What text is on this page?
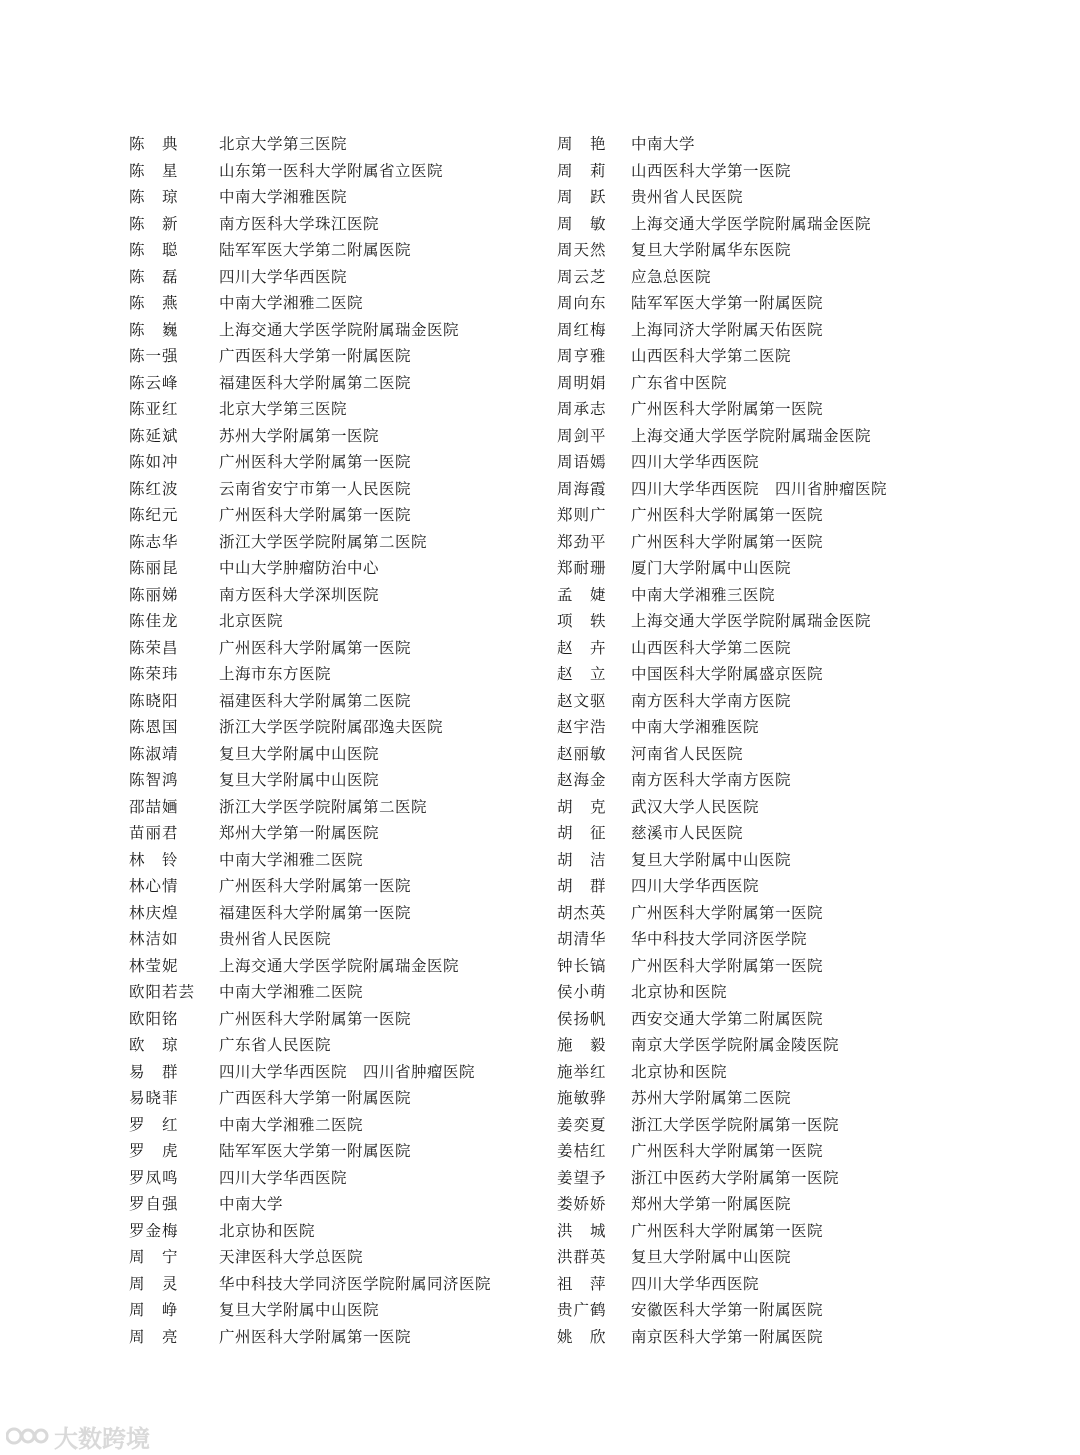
陈　典	北京大学第三医院
陈　星	山东第一医科大学附属省立医院
陈　琼	中南大学湘雅医院
陈　新	南方医科大学珠江医院
陈　聪	陆军军医大学第二附属医院
陈　磊	四川大学华西医院
陈　燕	中南大学湘雅二医院
陈　巍	上海交通大学医学院附属瑞金医院
陈一强	广西医科大学第一附属医院
陈云峰	福建医科大学附属第二医院
陈亚红	北京大学第三医院
陈延斌	苏州大学附属第一医院
陈如冲	广州医科大学附属第一医院
陈红波	云南省安宁市第一人民医院
陈纪元	广州医科大学附属第一医院
陈志华	浙江大学医学院附属第二医院
陈丽昆	中山大学肿瘤防治中心
陈丽娣	南方医科大学深圳医院
陈佳龙	北京医院
陈荣昌	广州医科大学附属第一医院
陈荣玮	上海市东方医院
陈晓阳	福建医科大学附属第二医院
陈恩国	浙江大学医学院附属邵逸夫医院
陈淑靖	复旦大学附属中山医院
陈智鸿	复旦大学附属中山医院
邵喆婳	浙江大学医学院附属第二医院
苗丽君	郑州大学第一附属医院
林　铃	中南大学湘雅二医院
林心情	广州医科大学附属第一医院
林庆煌	福建医科大学附属第一医院
林洁如	贵州省人民医院
林莹妮	上海交通大学医学院附属瑞金医院
欧阳若芸	中南大学湘雅二医院
欧阳铭	广州医科大学附属第一医院
欧　琼	广东省人民医院
易　群	四川大学华西医院　四川省肿瘤医院
易晓菲	广西医科大学第一附属医院
罗　红	中南大学湘雅二医院
罗　虎	陆军军医大学第一附属医院
罗凤鸣	四川大学华西医院
罗自强	中南大学
罗金梅	北京协和医院
周　宁	天津医科大学总医院
周　灵	华中科技大学同济医学院附属同济医院
周　峥	复旦大学附属中山医院
周　亮	广州医科大学附属第一医院
周　艳	中南大学
周　莉	山西医科大学第一医院
周　跃	贵州省人民医院
周　敏	上海交通大学医学院附属瑞金医院
周天然	复旦大学附属华东医院
周云芝	应急总医院
周向东	陆军军医大学第一附属医院
周红梅	上海同济大学附属天佑医院
周亨雅	山西医科大学第二医院
周明娟	广东省中医院
周承志	广州医科大学附属第一医院
周剑平	上海交通大学医学院附属瑞金医院
周语嫣	四川大学华西医院
周海霞	四川大学华西医院　四川省肿瘤医院
郑则广	广州医科大学附属第一医院
郑劲平	广州医科大学附属第一医院
郑耐珊	厦门大学附属中山医院
孟　婕	中南大学湘雅三医院
项　轶	上海交通大学医学院附属瑞金医院
赵　卉	山西医科大学第二医院
赵　立	中国医科大学附属盛京医院
赵文驱	南方医科大学南方医院
赵宇浩	中南大学湘雅医院
赵丽敏	河南省人民医院
赵海金	南方医科大学南方医院
胡　克	武汉大学人民医院
胡　征	慈溪市人民医院
胡　洁	复旦大学附属中山医院
胡　群	四川大学华西医院
胡杰英	广州医科大学附属第一医院
胡清华	华中科技大学同济医学院
钟长镐	广州医科大学附属第一医院
侯小萌	北京协和医院
侯扬帆	西安交通大学第二附属医院
施　毅	南京大学医学院附属金陵医院
施举红	北京协和医院
施敏骅	苏州大学附属第二医院
姜奕夏	浙江大学医学院附属第一医院
姜桔红	广州医科大学附属第一医院
姜望予	浙江中医药大学附属第一医院
娄娇娇	郑州大学第一附属医院
洪　城	广州医科大学附属第一医院
洪群英	复旦大学附属中山医院
祖　萍	四川大学华西医院
贵广鹤	安徽医科大学第一附属医院
姚　欣	南京医科大学第一附属医院
大数跨境
